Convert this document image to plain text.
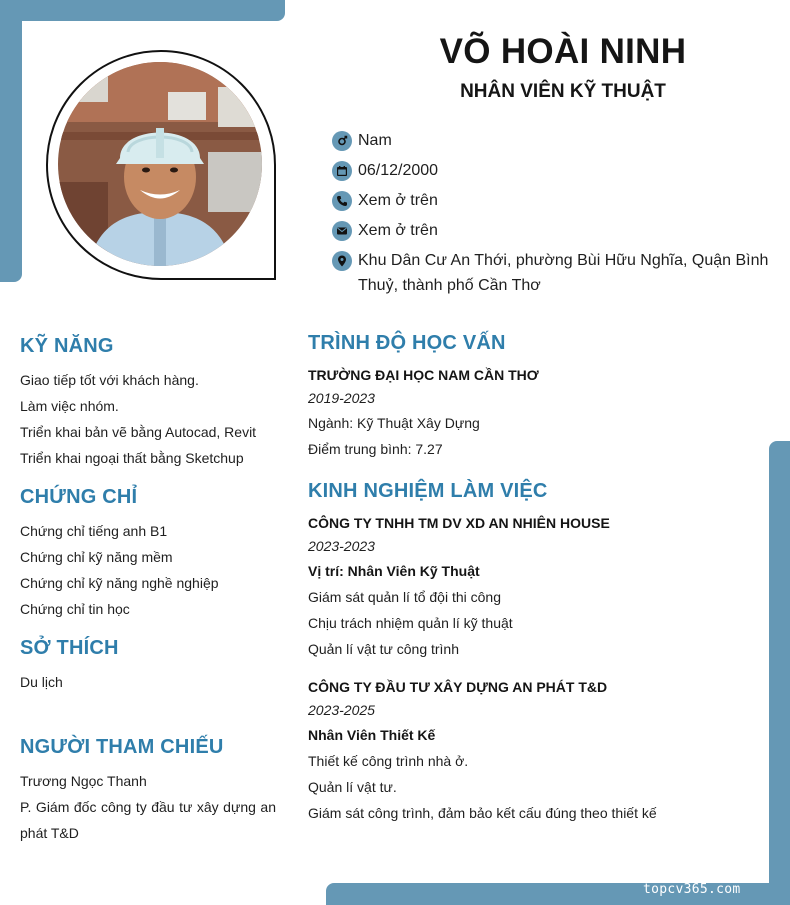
VÕ HOÀI NINH
NHÂN VIÊN KỸ THUẬT
Nam
06/12/2000
Xem ở trên
Xem ở trên
Khu Dân Cư An Thới, phường Bùi Hữu Nghĩa, Quận Bình Thuỷ, thành phố Cần Thơ
KỸ NĂNG
Giao tiếp tốt với khách hàng.
Làm việc nhóm.
Triển khai bản vẽ bằng Autocad, Revit
Triển khai ngoại thất bằng Sketchup
CHỨNG CHỈ
Chứng chỉ tiếng anh B1
Chứng chỉ kỹ năng mềm
Chứng chỉ kỹ năng nghề nghiệp
Chứng chỉ tin học
SỞ THÍCH
Du lịch
NGƯỜI THAM CHIẾU
Trương Ngọc Thanh
P. Giám đốc công ty đầu tư xây dựng an phát T&D
TRÌNH ĐỘ HỌC VẤN
TRƯỜNG ĐẠI HỌC NAM CẦN THƠ
2019-2023
Ngành: Kỹ Thuật Xây Dựng
Điểm trung bình: 7.27
KINH NGHIỆM LÀM VIỆC
CÔNG TY TNHH TM DV XD AN NHIÊN HOUSE
2023-2023
Vị trí: Nhân Viên Kỹ Thuật
Giám sát quản lí tổ đội thi công
Chịu trách nhiệm quản lí kỹ thuật
Quản lí vật tư công trình
CÔNG TY ĐẦU TƯ XÂY DỰNG AN PHÁT T&D
2023-2025
Nhân Viên Thiết Kế
Thiết kế công trình nhà ở.
Quản lí vật tư.
Giám sát công trình, đảm bảo kết cấu đúng theo thiết kế
topcv365.com
